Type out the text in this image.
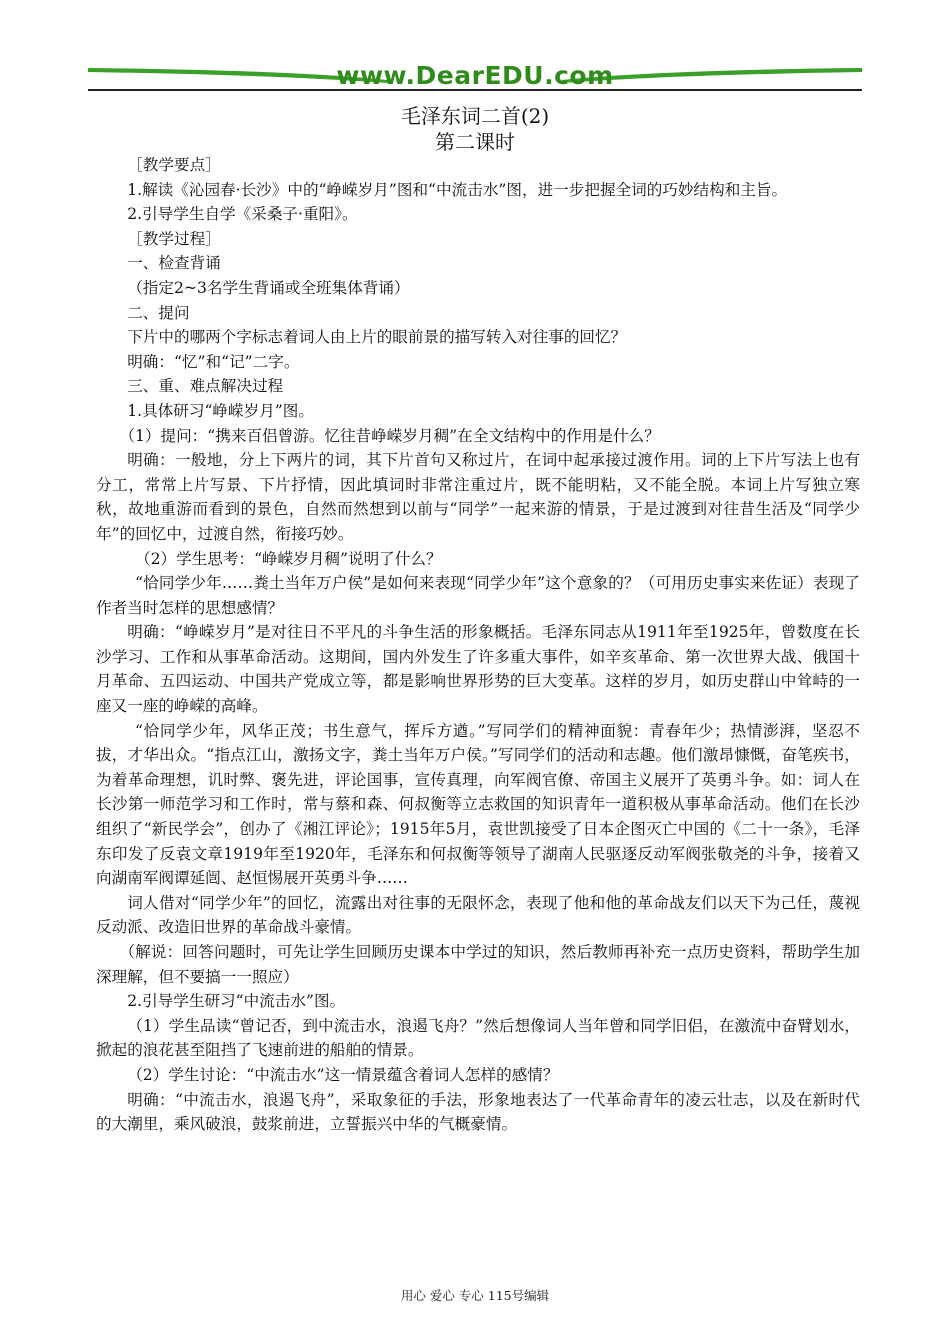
www.DearEDU.com
毛泽东词二首(2)
第二课时

［教学要点］

1.解读《沁园春·长沙》中的“峥嵘岁月”图和“中流击水”图，进一步把握全词的巧妙结构和主旨。

2.引导学生自学《采桑子·重阳》。

［教学过程］

一、检查背诵

（指定2~3名学生背诵或全班集体背诵）

二、提问

下片中的哪两个字标志着词人由上片的眼前景的描写转入对往事的回忆？

明确：“忆”和“记”二字。

三、重、难点解决过程

1.具体研习“峥嵘岁月”图。

（1）提问：“携来百侣曾游。忆往昔峥嵘岁月稠”在全文结构中的作用是什么？

明确：一般地，分上下两片的词，其下片首句又称过片，在词中起承接过渡作用。词的上下片写法上也有分工，常常上片写景、下片抒情，因此填词时非常注重过片，既不能明粘，又不能全脱。本词上片写独立寒秋，故地重游而看到的景色，自然而然想到以前与“同学”一起来游的情景，于是过渡到对往昔生活及“同学少年”的回忆中，过渡自然，衔接巧妙。

（2）学生思考：“峥嵘岁月稠”说明了什么？

“恰同学少年……粪土当年万户侯”是如何来表现“同学少年”这个意象的？（可用历史事实来佐证）表现了作者当时怎样的思想感情？

明确：“峥嵘岁月”是对往日不平凡的斗争生活的形象概括。毛泽东同志从1911年至1925年，曾数度在长沙学习、工作和从事革命活动。这期间，国内外发生了许多重大事件，如辛亥革命、第一次世界大战、俄国十月革命、五四运动、中国共产党成立等，都是影响世界形势的巨大变革。这样的岁月，如历史群山中耸峙的一座又一座的峥嵘的高峰。

“恰同学少年，风华正茂；书生意气，挥斥方遒。”写同学们的精神面貌：青春年少；热情澎湃，坚忍不拔，才华出众。“指点江山，激扬文字，粪土当年万户侯。”写同学们的活动和志趣。他们激昂慷慨，奋笔疾书，为着革命理想，讥时弊、褒先进，评论国事，宣传真理，向军阀官僚、帝国主义展开了英勇斗争。如：词人在长沙第一师范学习和工作时，常与蔡和森、何叔衡等立志救国的知识青年一道积极从事革命活动。他们在长沙组织了“新民学会”，创办了《湘江评论》；1915年5月，袁世凯接受了日本企图灭亡中国的《二十一条》，毛泽东印发了反袁文章1919年至1920年，毛泽东和何叔衡等领导了湖南人民驱逐反动军阀张敬尧的斗争，接着又向湖南军阀谭延闿、赵恒惕展开英勇斗争……

词人借对“同学少年”的回忆，流露出对往事的无限怀念，表现了他和他的革命战友们以天下为己任，蔑视反动派、改造旧世界的革命战斗豪情。

（解说：回答问题时，可先让学生回顾历史课本中学过的知识，然后教师再补充一点历史资料，帮助学生加深理解，但不要搞一一照应）

2.引导学生研习“中流击水”图。

（1）学生品读“曾记否，到中流击水，浪遏飞舟？”然后想像词人当年曾和同学旧侣，在激流中奋臂划水，掀起的浪花甚至阻挡了飞速前进的船舶的情景。

（2）学生讨论：“中流击水”这一情景蕴含着词人怎样的感情？

明确：“中流击水，浪遏飞舟”，采取象征的手法，形象地表达了一代革命青年的凌云壮志，以及在新时代的大潮里，乘风破浪，鼓浆前进，立誓振兴中华的气概豪情。

用心 爱心 专心 115号编辑
